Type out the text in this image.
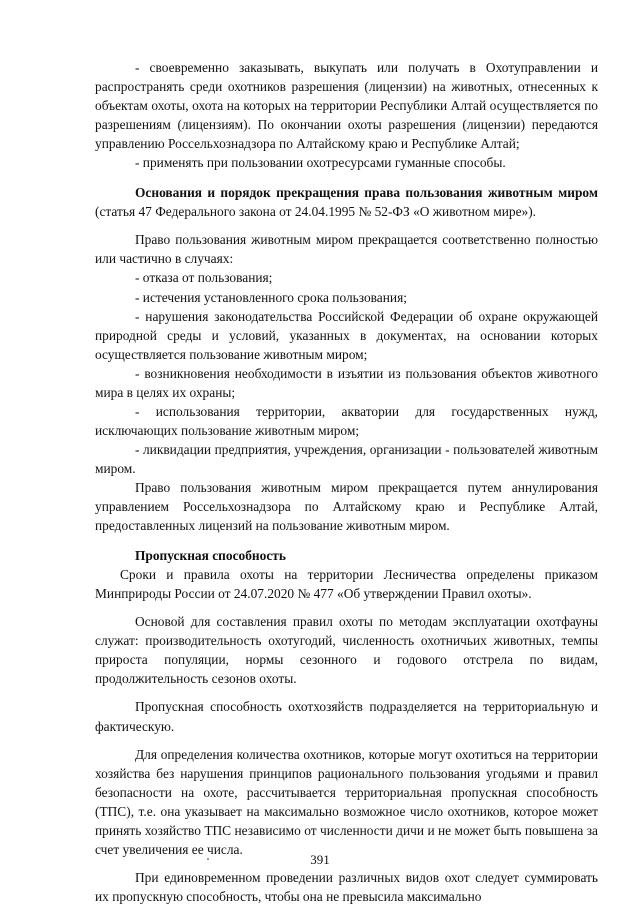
- своевременно заказывать, выкупать или получать в Охотуправлении и распространять среди охотников разрешения (лицензии) на животных, отнесенных к объектам охоты, охота на которых на территории Республики Алтай осуществляется по разрешениям (лицензиям). По окончании охоты разрешения (лицензии) передаются управлению Россельхознадзора по Алтайскому краю и Республике Алтай;

- применять при пользовании охотресурсами гуманные способы.

Основания и порядок прекращения права пользования животным миром (статья 47 Федерального закона от 24.04.1995 № 52-ФЗ «О животном мире»).

Право пользования животным миром прекращается соответственно полностью или частично в случаях:

- отказа от пользования;

- истечения установленного срока пользования;

- нарушения законодательства Российской Федерации об охране окружающей природной среды и условий, указанных в документах, на основании которых осуществляется пользование животным миром;

- возникновения необходимости в изъятии из пользования объектов животного мира в целях их охраны;

- использования территории, акватории для государственных нужд, исключающих пользование животным миром;

- ликвидации предприятия, учреждения, организации - пользователей животным миром.

Право пользования животным миром прекращается путем аннулирования управлением Россельхознадзора по Алтайскому краю и Республике Алтай, предоставленных лицензий на пользование животным миром.

Пропускная способность

Сроки и правила охоты на территории Лесничества определены приказом Минприроды России от 24.07.2020 № 477 «Об утверждении Правил охоты».

Основой для составления правил охоты по методам эксплуатации охотфауны служат: производительность охотугодий, численность охотничьих животных, темпы прироста популяции, нормы сезонного и годового отстрела по видам, продолжительность сезонов охоты.

Пропускная способность охотхозяйств подразделяется на территориальную и фактическую.

Для определения количества охотников, которые могут охотиться на территории хозяйства без нарушения принципов рационального пользования угодьями и правил безопасности на охоте, рассчитывается территориальная пропускная способность (ТПС), т.е. она указывает на максимально возможное число охотников, которое может принять хозяйство ТПС независимо от численности дичи и не может быть повышена за счет увеличения ее числа.

При единовременном проведении различных видов охот следует суммировать их пропускную способность, чтобы она не превысила максимально

391
